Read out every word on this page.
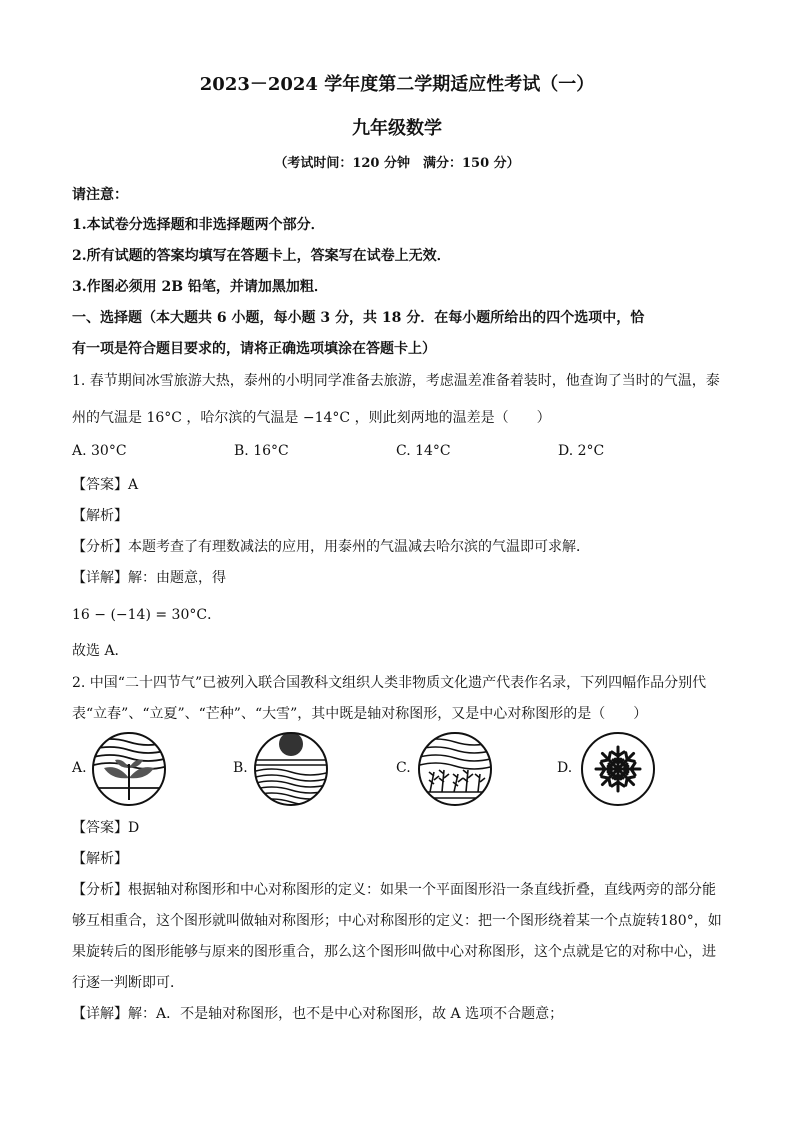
2023－2024 学年度第二学期适应性考试（一）
九年级数学
（考试时间：120 分钟　满分：150 分）
请注意：
1.本试卷分选择题和非选择题两个部分．
2.所有试题的答案均填写在答题卡上，答案写在试卷上无效．
3.作图必须用 2B 铅笔，并请加黑加粗．
一、选择题（本大题共 6 小题，每小题 3 分，共 18 分．在每小题所给出的四个选项中，恰
有一项是符合题目要求的，请将正确选项填涂在答题卡上）
1. 春节期间冰雪旅游大热，泰州的小明同学准备去旅游，考虑温差准备着装时，他查询了当时的气温，泰
州的气温是 16°C ，哈尔滨的气温是 −14°C ，则此刻两地的温差是（　　）
A. 30°C	B. 16°C	C. 14°C	D. 2°C
【答案】A
【解析】
【分析】本题考查了有理数减法的应用，用泰州的气温减去哈尔滨的气温即可求解．
【详解】解：由题意，得
16 − (−14) = 30°C．
故选 A．
2. 中国“二十四节气”已被列入联合国教科文组织人类非物质文化遗产代表作名录，下列四幅作品分别代
表“立春”、“立夏”、“芒种”、“大雪”，其中既是轴对称图形，又是中心对称图形的是（　　）
A.	B.	C.	D.
【答案】D
【解析】
【分析】根据轴对称图形和中心对称图形的定义：如果一个平面图形沿一条直线折叠，直线两旁的部分能
够互相重合，这个图形就叫做轴对称图形；中心对称图形的定义：把一个图形绕着某一个点旋转180°，如
果旋转后的图形能够与原来的图形重合，那么这个图形叫做中心对称图形，这个点就是它的对称中心，进
行逐一判断即可．
【详解】解：A．不是轴对称图形，也不是中心对称图形，故 A 选项不合题意；
